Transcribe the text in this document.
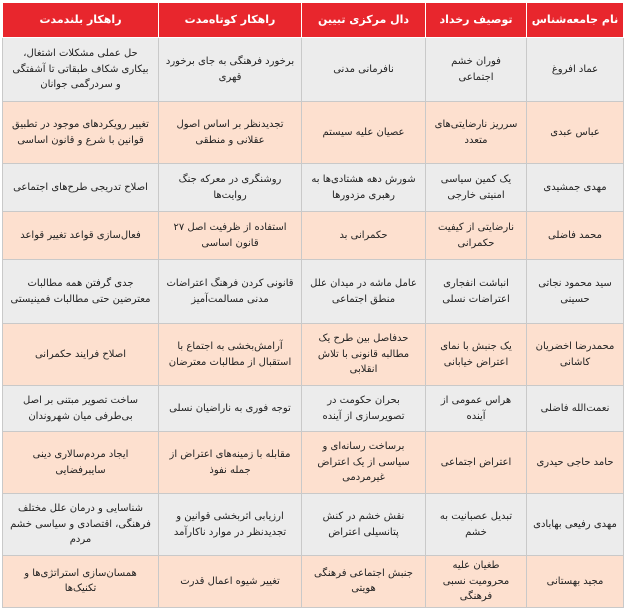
نام جامعه‌شناس	توصیف رخداد	دال مرکزی تبیین	راهکار کوتاه‌مدت	راهکار بلندمدت
عماد افروغ	فوران خشم اجتماعی	نافرمانی مدنی	برخورد فرهنگی به جای برخورد قهری	حل عملی مشکلات اشتغال، بیکاری شکاف طبقاتی تا آشفتگی و سردرگمی جوانان
عباس عبدی	سرریز نارضایتی‌های متعدد	عصیان علیه سیستم	تجدیدنظر بر اساس اصول عقلانی و منطقی	تغییر رویکردهای موجود در تطبیق قوانین با شرع و قانون اساسی
مهدی جمشیدی	یک کمین سیاسی امنیتی خارجی	شورش دهه هشتادی‌ها به رهبری مزدورها	روشنگری در معرکه جنگ روایت‌ها	اصلاح تدریجی طرح‌های اجتماعی
محمد فاضلی	نارضایتی از کیفیت حکمرانی	حکمرانی بد	استفاده از ظرفیت اصل ۲۷ قانون اساسی	فعال‌سازی قواعد تغییر قواعد
سید محمود نجاتی حسینی	انباشت انفجاری اعتراضات نسلی	عامل ماشه در میدان علل منطق اجتماعی	قانونی کردن فرهنگ اعتراضات مدنی مسالمت‌آمیز	جدی گرفتن همه مطالبات معترضین حتی مطالبات فمینیستی
محمدرضا اخضریان کاشانی	یک جنبش با نمای اعتراض خیابانی	حدفاصل بین طرح یک مطالبه قانونی با تلاش انقلابی	آرامش‌بخشی به اجتماع با استقبال از مطالبات معترضان	اصلاح فرایند حکمرانی
نعمت‌الله فاضلی	هراس عمومی از آینده	بحران حکومت در تصویرسازی از آینده	توجه فوری به ناراضیان نسلی	ساخت تصویر مبتنی بر اصل بی‌طرفی میان شهروندان
حامد حاجی حیدری	اعتراض اجتماعی	برساخت رسانه‌ای و سیاسی از یک اعتراض غیرمردمی	مقابله با زمینه‌های اعتراض از جمله نفوذ	ایجاد مردم‌سالاری دینی سایبرفضایی
مهدی رفیعی بهابادی	تبدیل عصبانیت به خشم	نقش خشم در کنش پتانسیلی اعتراض	ارزیابی اثربخشی قوانین و تجدیدنظر در موارد ناکارآمد	شناسایی و درمان علل مختلف فرهنگی، اقتصادی و سیاسی خشم مردم
مجید بهستانی	طغیان علیه محرومیت نسبی فرهنگی	جنبش اجتماعی فرهنگی هویتی	تغییر شیوه اعمال قدرت	همسان‌سازی استراتژی‌ها و تکنیک‌ها
